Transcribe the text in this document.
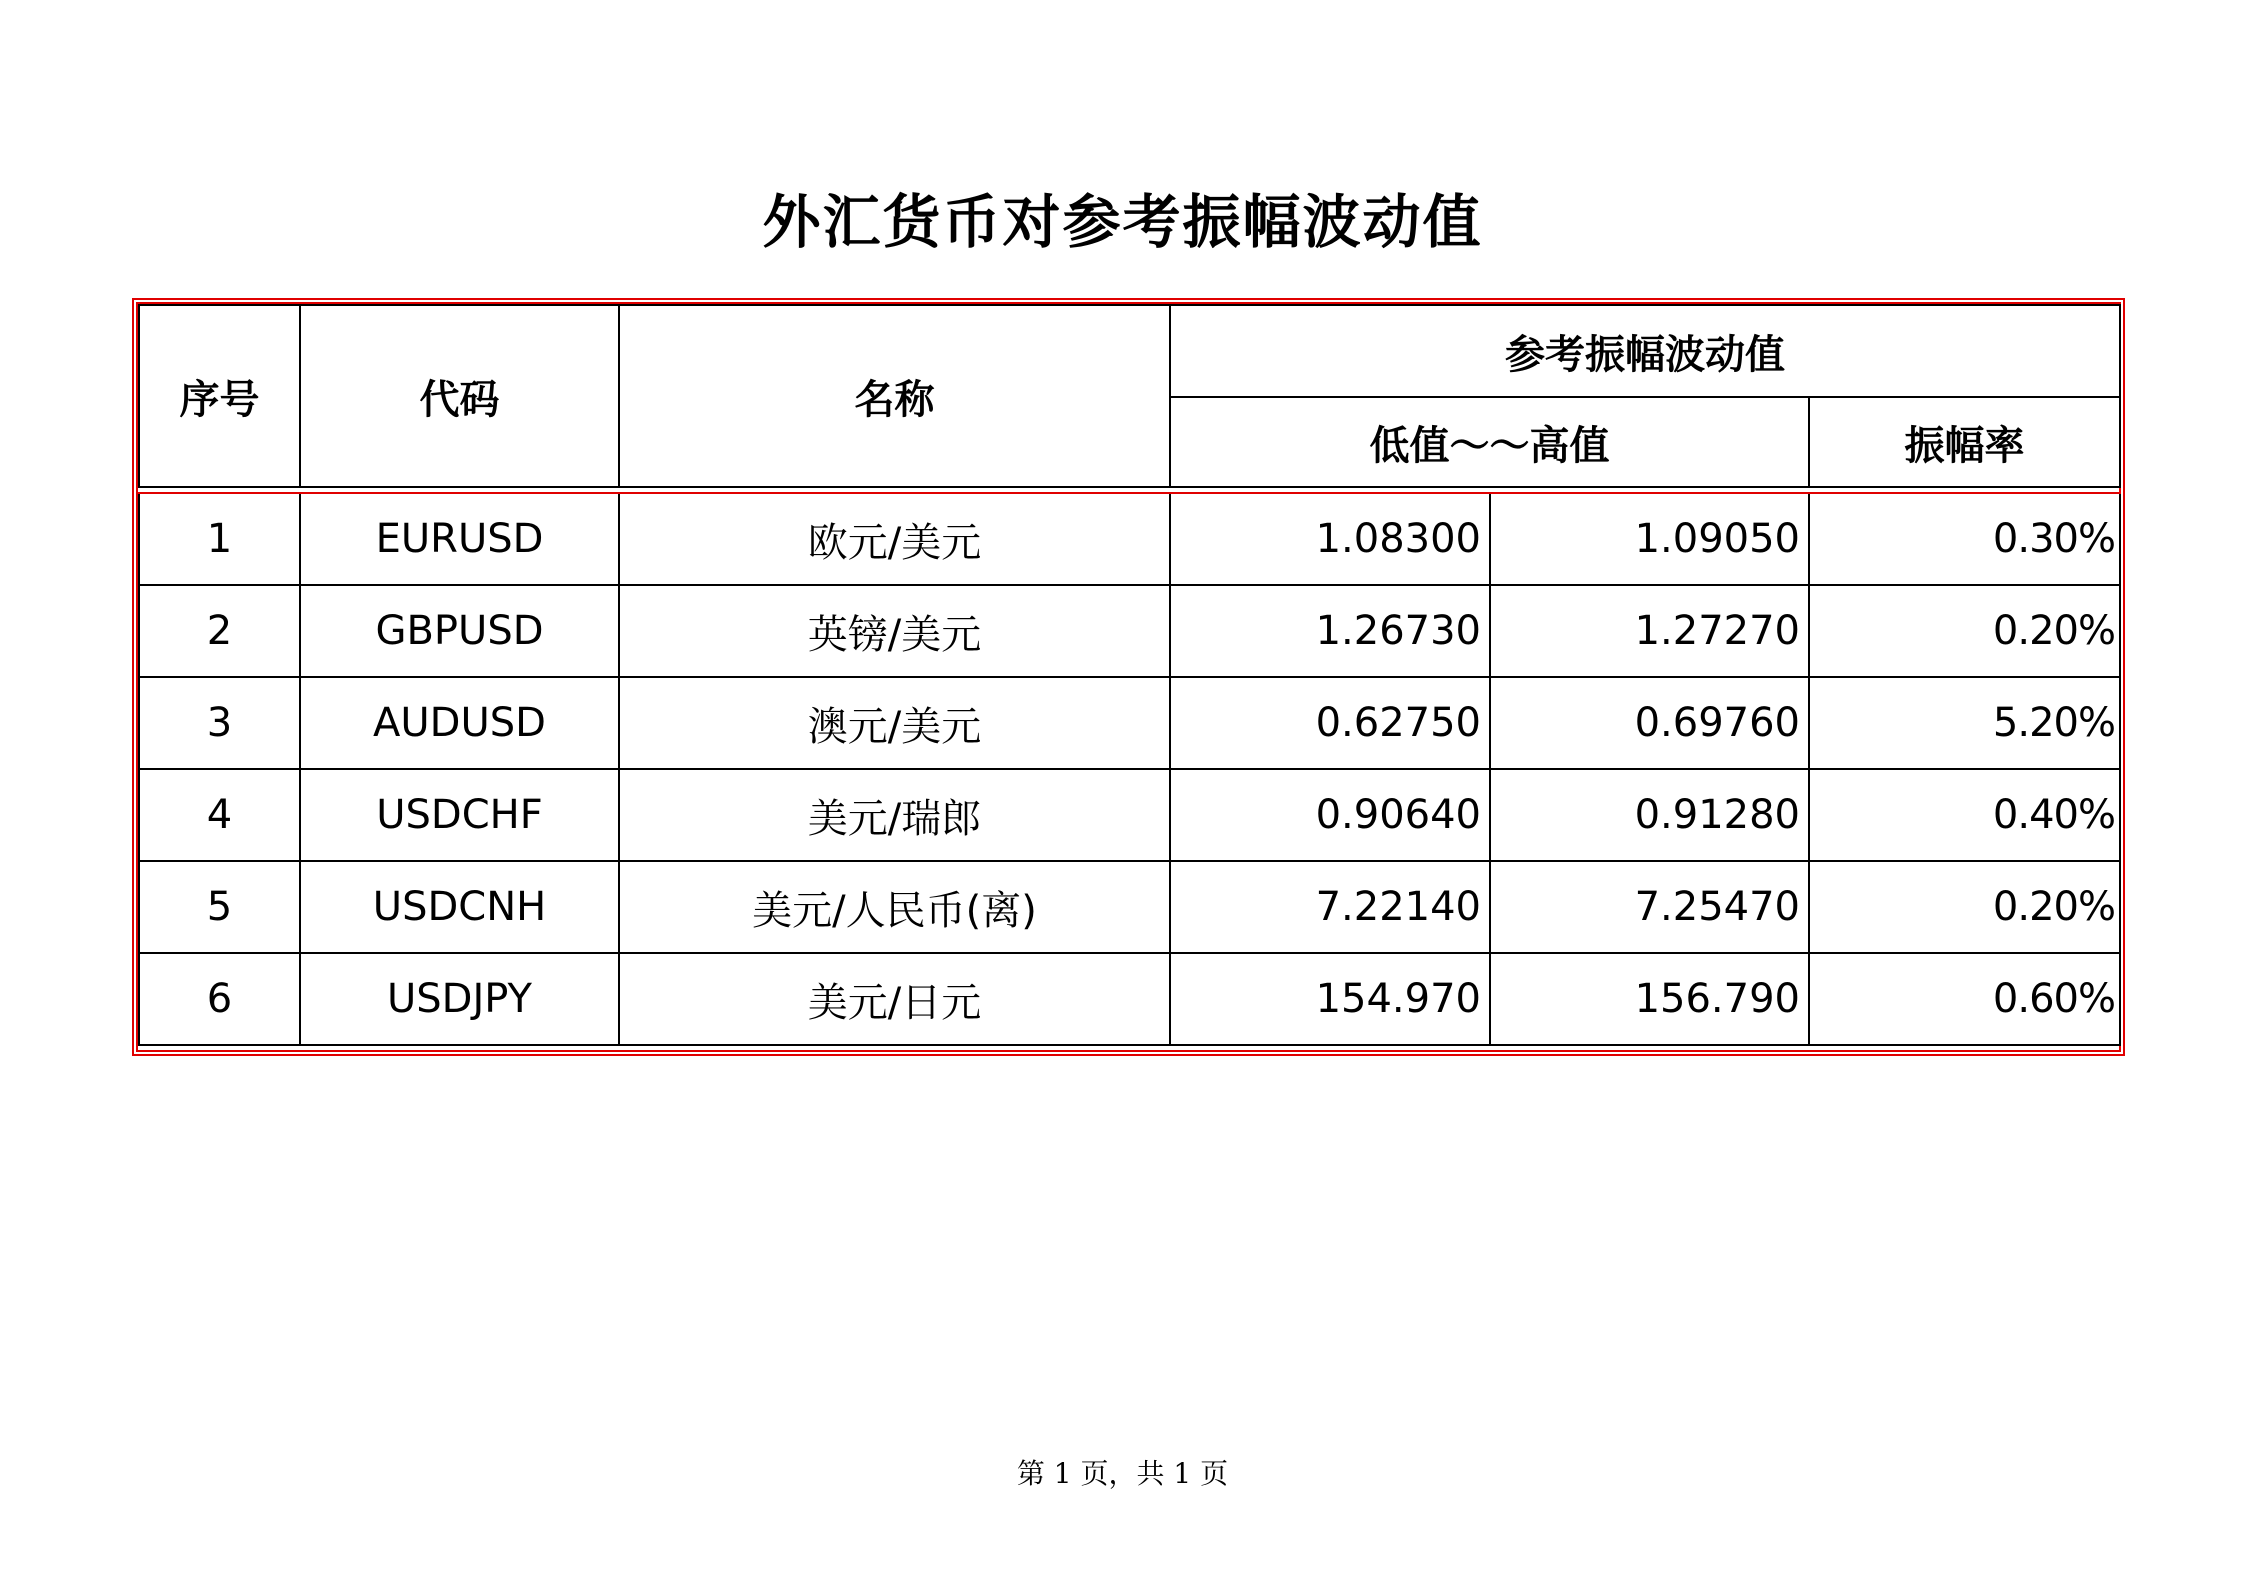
外汇货币对参考振幅波动值
序号	代码	名称	参考振幅波动值		
			低值～～高值		振幅率

1	EURUSD	欧元/美元	1.08300	1.09050	0.30%
2	GBPUSD	英镑/美元	1.26730	1.27270	0.20%
3	AUDUSD	澳元/美元	0.62750	0.69760	5.20%
4	USDCHF	美元/瑞郎	0.90640	0.91280	0.40%
5	USDCNH	美元/人民币(离)	7.22140	7.25470	0.20%
6	USDJPY	美元/日元	154.970	156.790	0.60%
第 1 页，共 1 页
